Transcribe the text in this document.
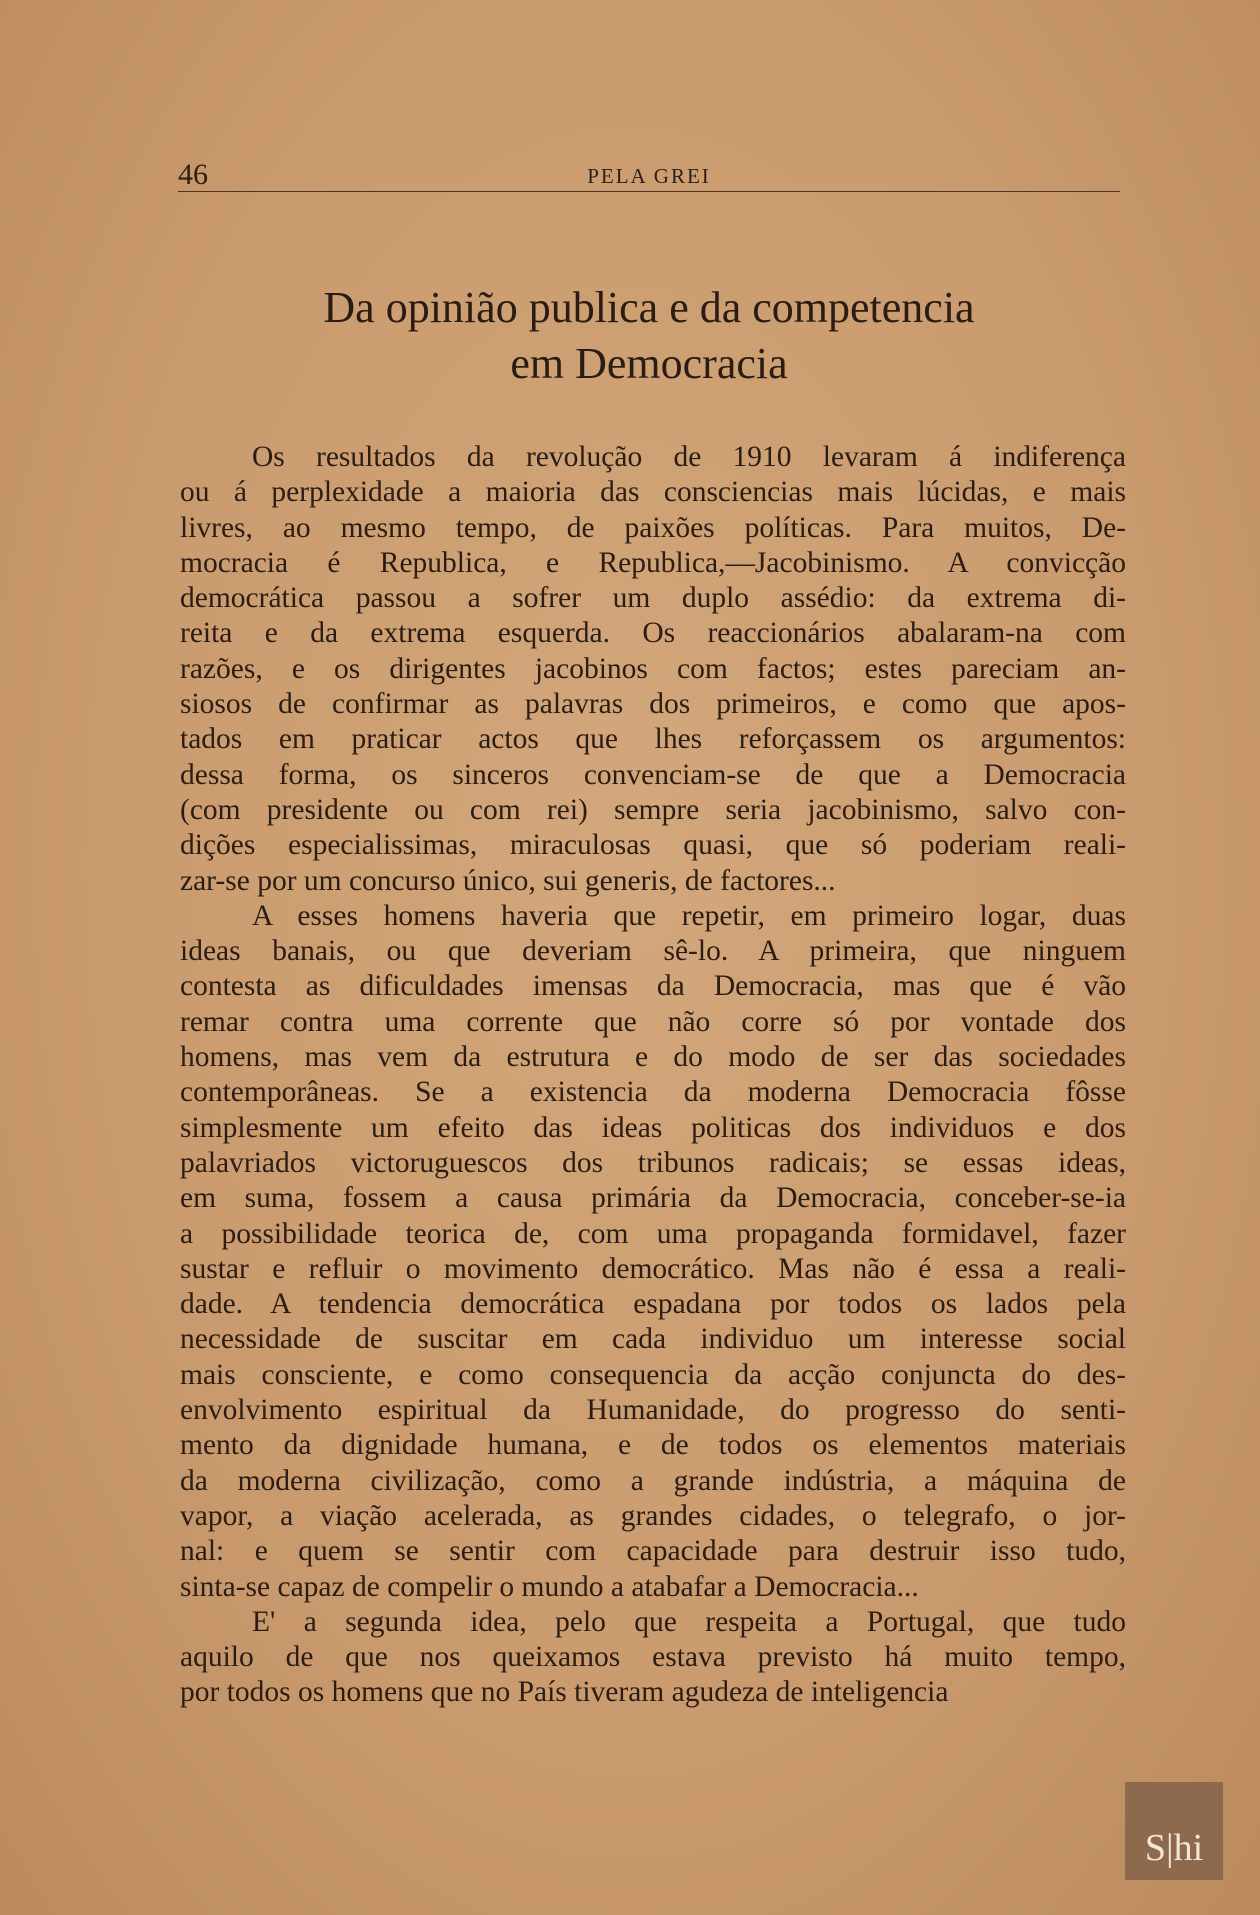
46	PELA GREI
Da opinião publica e da competencia
em Democracia
Os resultados da revolução de 1910 levaram á indiferença
ou á perplexidade a maioria das consciencias mais lúcidas, e mais
livres, ao mesmo tempo, de paixões políticas. Para muitos, De-
mocracia é Republica, e Republica,—Jacobinismo. A convicção
democrática passou a sofrer um duplo assédio: da extrema di-
reita e da extrema esquerda. Os reaccionários abalaram-na com
razões, e os dirigentes jacobinos com factos; estes pareciam an-
siosos de confirmar as palavras dos primeiros, e como que apos-
tados em praticar actos que lhes reforçassem os argumentos:
dessa forma, os sinceros convenciam-se de que a Democracia
(com presidente ou com rei) sempre seria jacobinismo, salvo con-
dições especialissimas, miraculosas quasi, que só poderiam reali-
zar-se por um concurso único, sui generis, de factores...
A esses homens haveria que repetir, em primeiro logar, duas
ideas banais, ou que deveriam sê-lo. A primeira, que ninguem
contesta as dificuldades imensas da Democracia, mas que é vão
remar contra uma corrente que não corre só por vontade dos
homens, mas vem da estrutura e do modo de ser das sociedades
contemporâneas. Se a existencia da moderna Democracia fôsse
simplesmente um efeito das ideas politicas dos individuos e dos
palavriados victoruguescos dos tribunos radicais; se essas ideas,
em suma, fossem a causa primária da Democracia, conceber-se-ia
a possibilidade teorica de, com uma propaganda formidavel, fazer
sustar e refluir o movimento democrático. Mas não é essa a reali-
dade. A tendencia democrática espadana por todos os lados pela
necessidade de suscitar em cada individuo um interesse social
mais consciente, e como consequencia da acção conjuncta do des-
envolvimento espiritual da Humanidade, do progresso do senti-
mento da dignidade humana, e de todos os elementos materiais
da moderna civilização, como a grande indústria, a máquina de
vapor, a viação acelerada, as grandes cidades, o telegrafo, o jor-
nal: e quem se sentir com capacidade para destruir isso tudo,
sinta-se capaz de compelir o mundo a atabafar a Democracia...
E' a segunda idea, pelo que respeita a Portugal, que tudo
aquilo de que nos queixamos estava previsto há muito tempo,
por todos os homens que no País tiveram agudeza de inteligencia
S|hi
